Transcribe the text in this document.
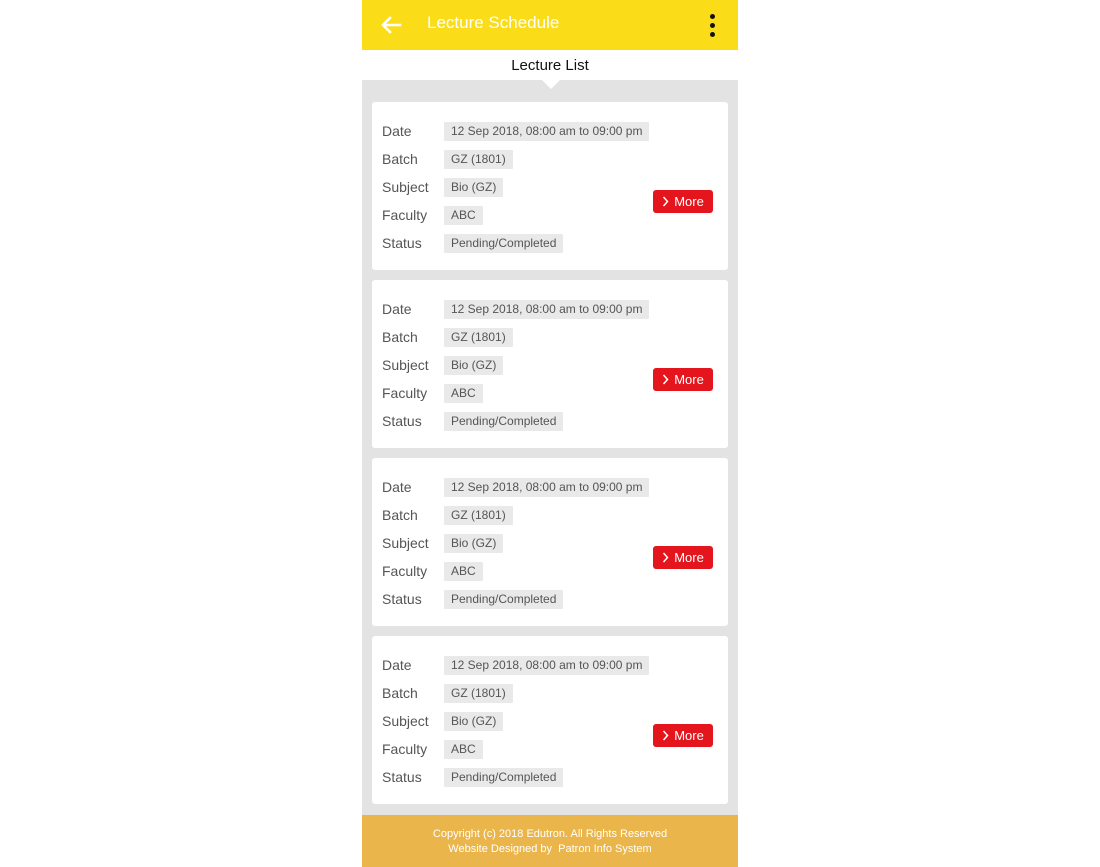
Lecture Schedule
Lecture List
Date	12 Sep 2018, 08:00 am to 09:00 pm
Batch	GZ (1801)
Subject	Bio (GZ)
Faculty	ABC
Status	Pending/Completed
More
Date	12 Sep 2018, 08:00 am to 09:00 pm
Batch	GZ (1801)
Subject	Bio (GZ)
Faculty	ABC
Status	Pending/Completed
More
Date	12 Sep 2018, 08:00 am to 09:00 pm
Batch	GZ (1801)
Subject	Bio (GZ)
Faculty	ABC
Status	Pending/Completed
More
Date	12 Sep 2018, 08:00 am to 09:00 pm
Batch	GZ (1801)
Subject	Bio (GZ)
Faculty	ABC
Status	Pending/Completed
More
Copyright (c) 2018 Edutron. All Rights Reserved
Website Designed by  Patron Info System
